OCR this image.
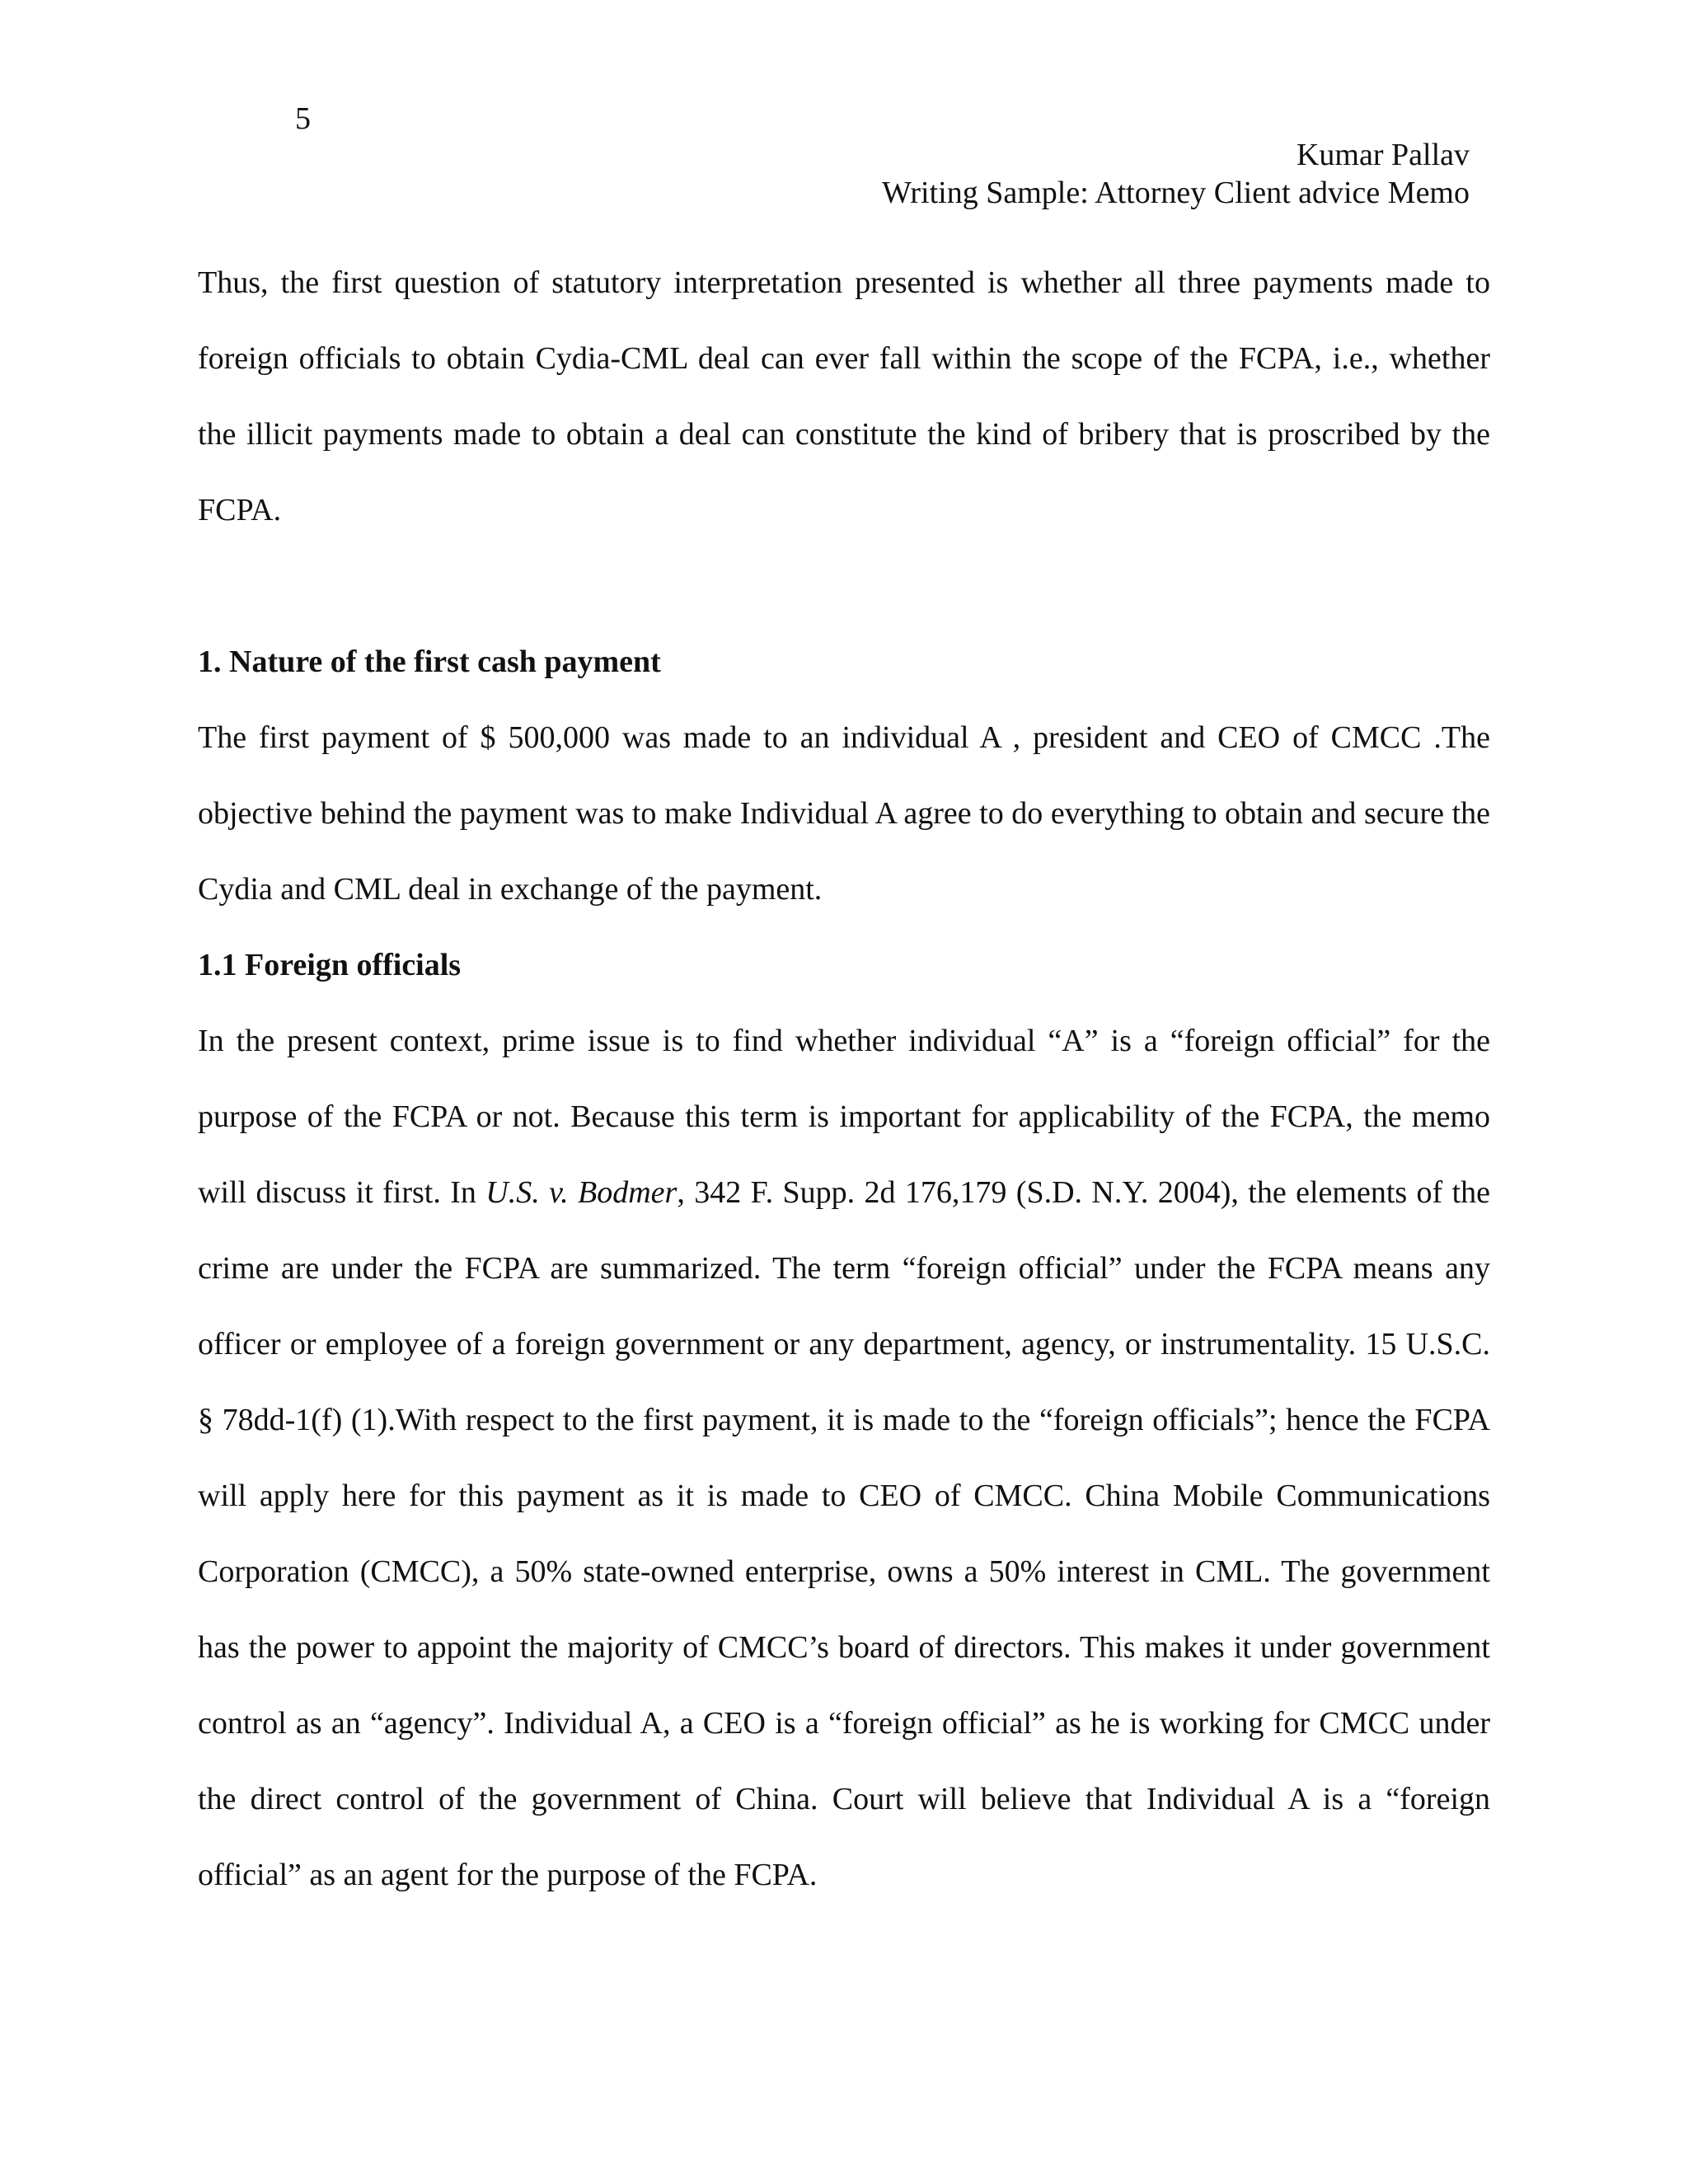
5
Kumar Pallav
Writing Sample: Attorney Client advice Memo

Thus, the first question of statutory interpretation presented is whether all three payments made to foreign officials to obtain Cydia-CML deal can ever fall within the scope of the FCPA, i.e., whether the illicit payments made to obtain a deal can constitute the kind of bribery that is proscribed by the FCPA.

1. Nature of the first cash payment

The first payment of $ 500,000 was made to an individual A , president and CEO of CMCC .The objective behind the payment was to make Individual A agree to do everything to obtain and secure the Cydia and CML deal in exchange of the payment.

1.1 Foreign officials

In the present context, prime issue is to find whether individual “A” is a “foreign official” for the purpose of the FCPA or not. Because this term is important for applicability of the FCPA, the memo will discuss it first. In U.S. v. Bodmer, 342 F. Supp. 2d 176,179 (S.D. N.Y. 2004), the elements of the crime are under the FCPA are summarized. The term “foreign official” under the FCPA means any officer or employee of a foreign government or any department, agency, or instrumentality. 15 U.S.C. § 78dd-1(f) (1).With respect to the first payment, it is made to the “foreign officials”; hence the FCPA will apply here for this payment as it is made to CEO of CMCC. China Mobile Communications Corporation (CMCC), a 50% state-owned enterprise, owns a 50% interest in CML. The government has the power to appoint the majority of CMCC’s board of directors. This makes it under government control as an “agency”. Individual A, a CEO is a “foreign official” as he is working for CMCC under the direct control of the government of China. Court will believe that Individual A is a “foreign official” as an agent for the purpose of the FCPA.
